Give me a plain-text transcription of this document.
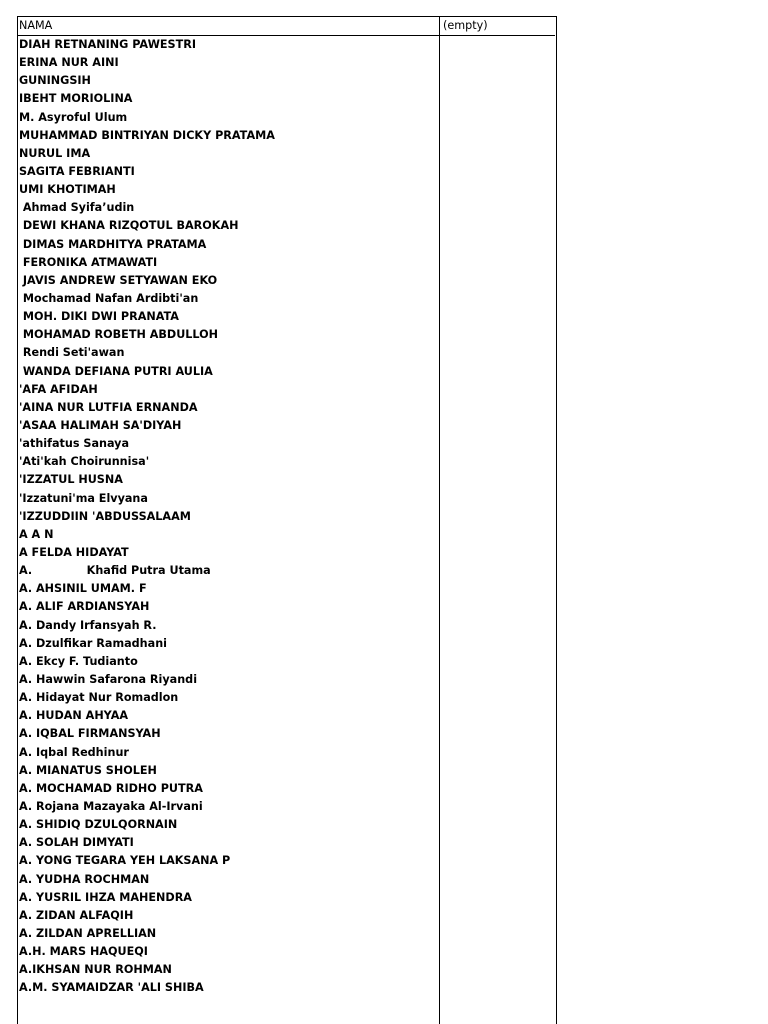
NAMA	(empty)
DIAH RETNANING PAWESTRI	
ERINA NUR AINI	
GUNINGSIH	
IBEHT MORIOLINA	
M. Asyroful Ulum	
MUHAMMAD BINTRIYAN DICKY PRATAMA	
NURUL IMA	
SAGITA FEBRIANTI	
UMI KHOTIMAH	
Ahmad Syifa’udin	
DEWI KHANA RIZQOTUL BAROKAH	
DIMAS MARDHITYA PRATAMA	
FERONIKA ATMAWATI	
JAVIS ANDREW SETYAWAN EKO	
Mochamad Nafan Ardibti'an	
MOH. DIKI DWI PRANATA	
MOHAMAD ROBETH ABDULLOH	
Rendi Seti'awan	
WANDA DEFIANA PUTRI AULIA	
'AFA AFIDAH	
'AINA NUR LUTFIA ERNANDA	
'ASAA HALIMAH SA'DIYAH	
'athifatus Sanaya	
'Ati'kah Choirunnisa'	
'IZZATUL HUSNA	
'Izzatuni'ma Elvyana	
'IZZUDDIIN 'ABDUSSALAAM	
A A N	
A FELDA HIDAYAT	
A.              Khafid Putra Utama	
A. AHSINIL UMAM. F	
A. ALIF ARDIANSYAH	
A. Dandy Irfansyah R.	
A. Dzulfikar Ramadhani	
A. Ekcy F. Tudianto	
A. Hawwin Safarona Riyandi	
A. Hidayat Nur Romadlon	
A. HUDAN AHYAA	
A. IQBAL FIRMANSYAH	
A. Iqbal Redhinur	
A. MIANATUS SHOLEH	
A. MOCHAMAD RIDHO PUTRA	
A. Rojana Mazayaka Al-Irvani	
A. SHIDIQ DZULQORNAIN	
A. SOLAH DIMYATI	
A. YONG TEGARA YEH LAKSANA P	
A. YUDHA ROCHMAN	
A. YUSRIL IHZA MAHENDRA	
A. ZIDAN ALFAQIH	
A. ZILDAN APRELLIAN	
A.H. MARS HAQUEQI	
A.IKHSAN NUR ROHMAN	
A.M. SYAMAIDZAR 'ALI SHIBA	
